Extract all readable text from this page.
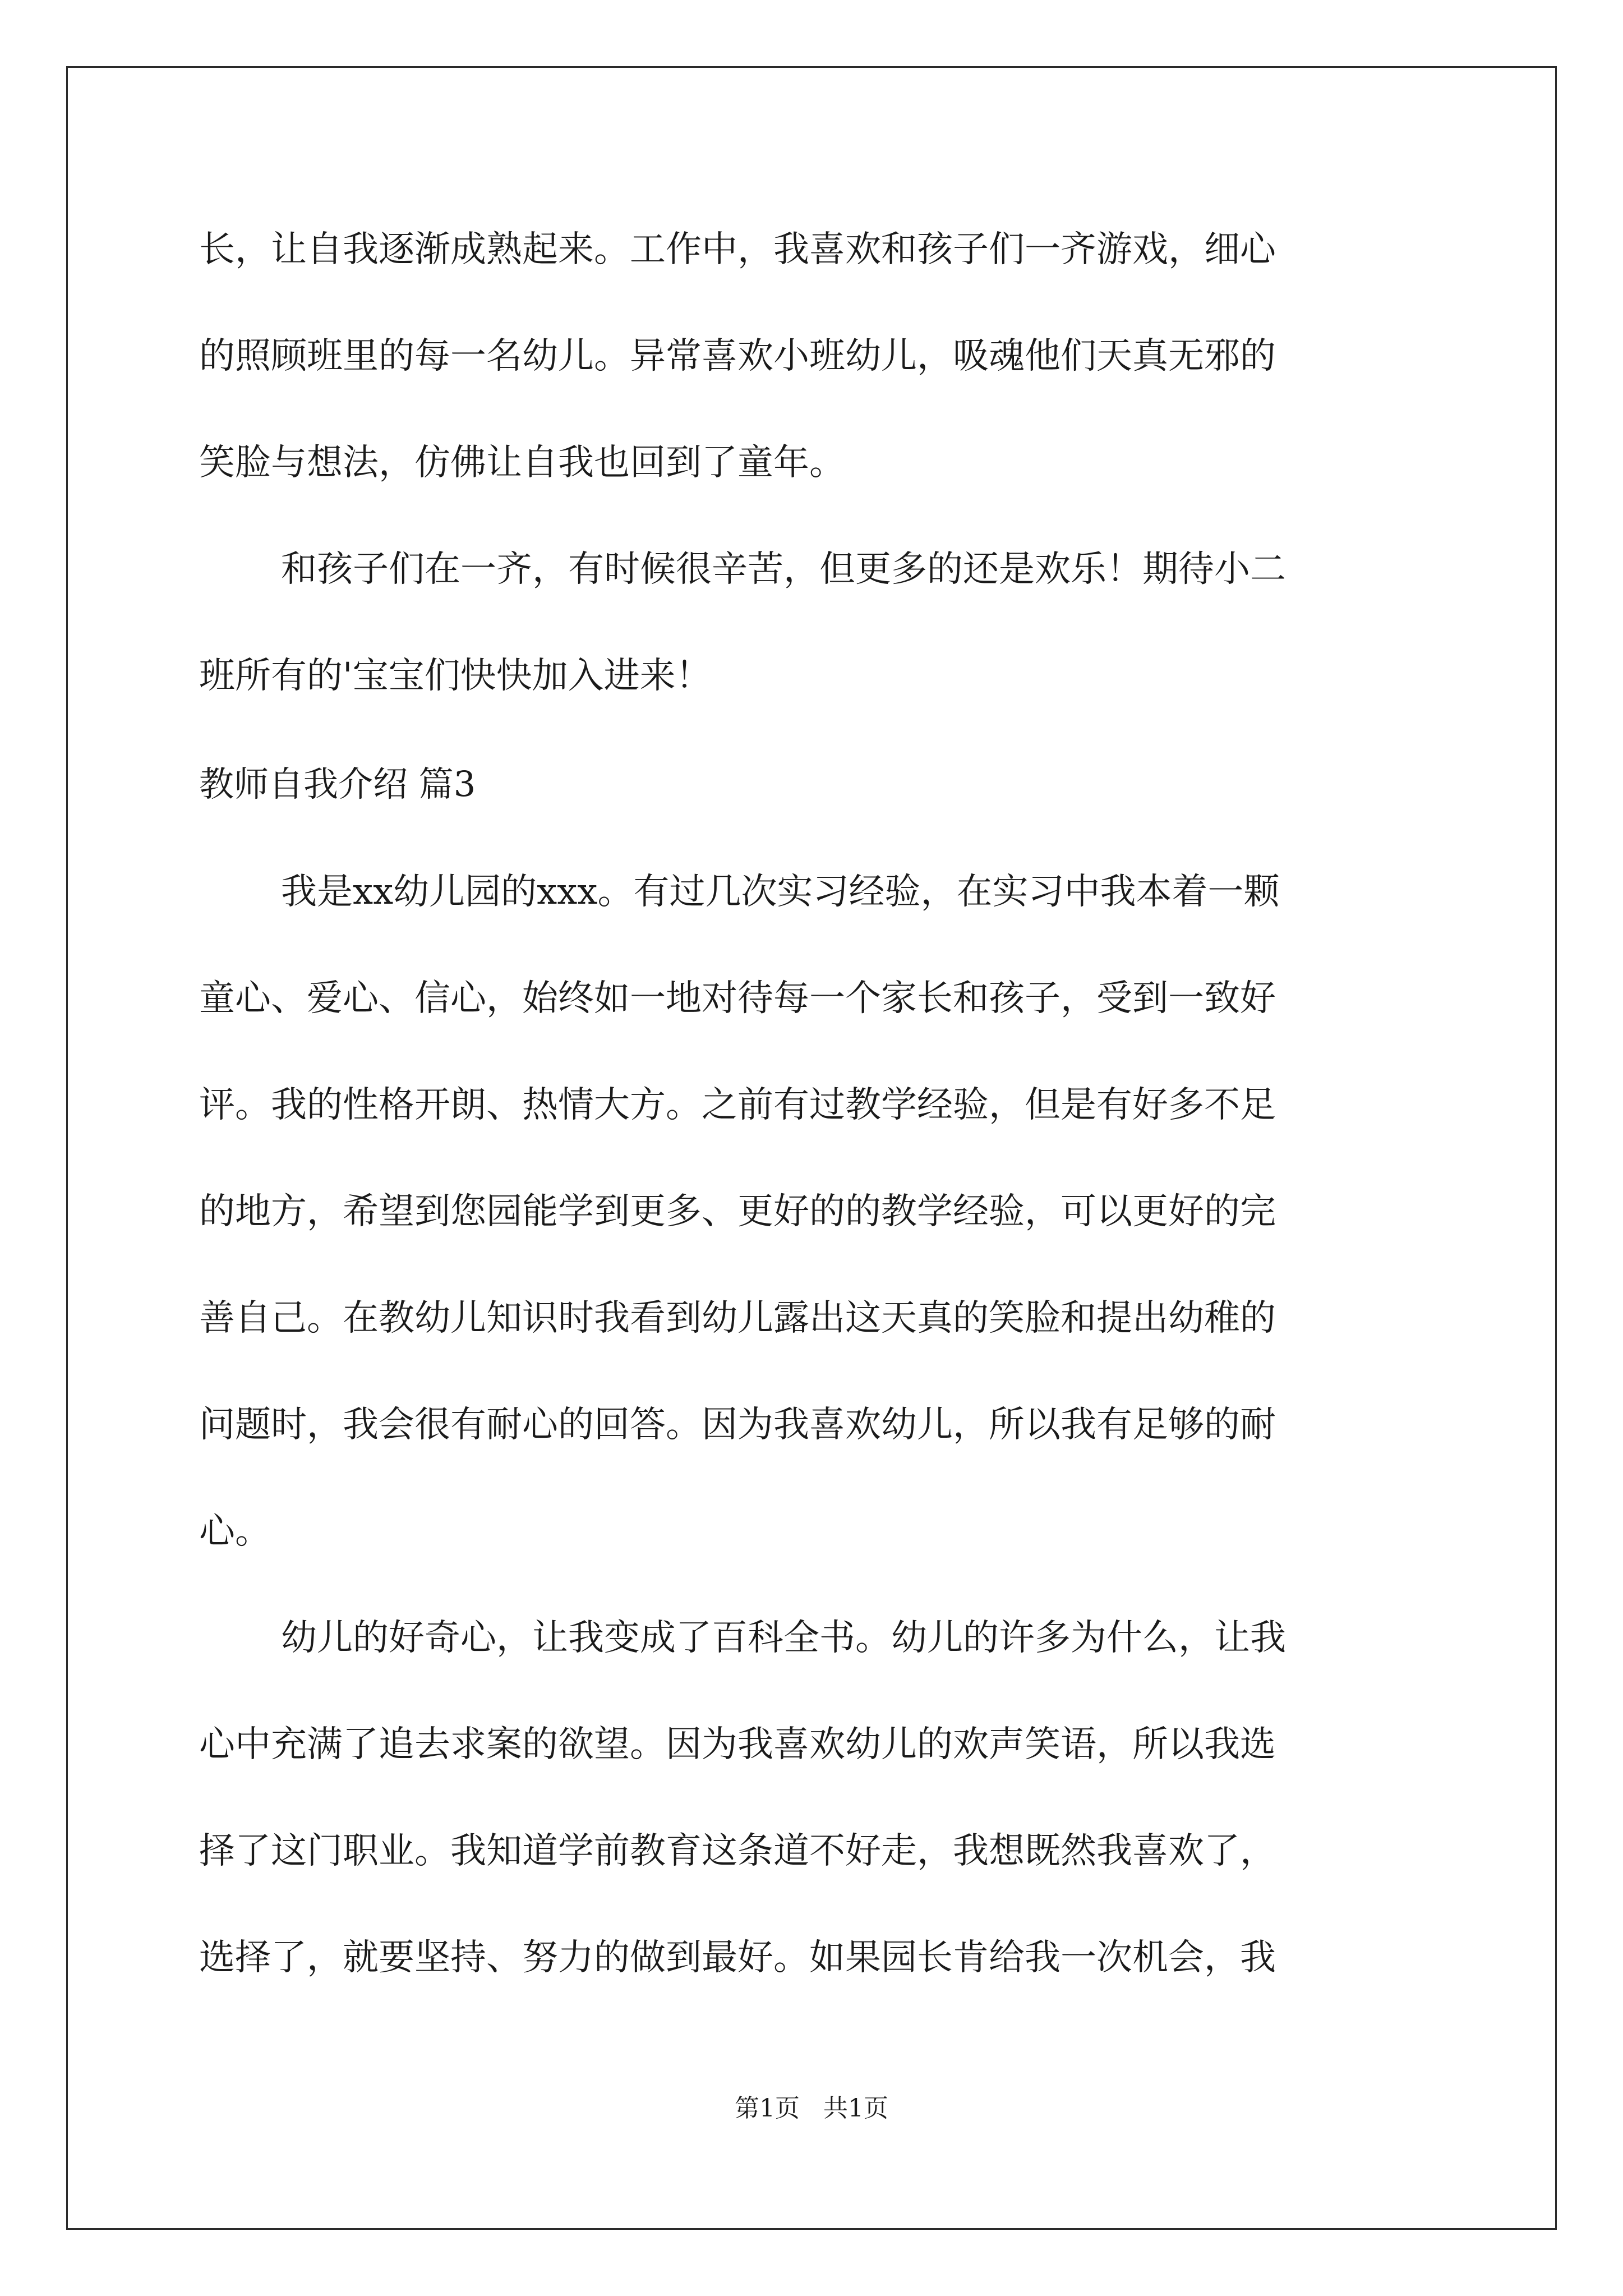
长，让自我逐渐成熟起来。工作中，我喜欢和孩子们一齐游戏，细心
的照顾班里的每一名幼儿。异常喜欢小班幼儿，吸魂他们天真无邪的
笑脸与想法，仿佛让自我也回到了童年。
和孩子们在一齐，有时候很辛苦，但更多的还是欢乐！期待小二
班所有的'宝宝们快快加入进来！
教师自我介绍 篇3
我是xx幼儿园的xxx。有过几次实习经验，在实习中我本着一颗
童心、爱心、信心，始终如一地对待每一个家长和孩子，受到一致好
评。我的性格开朗、热情大方。之前有过教学经验，但是有好多不足
的地方，希望到您园能学到更多、更好的的教学经验，可以更好的完
善自己。在教幼儿知识时我看到幼儿露出这天真的笑脸和提出幼稚的
问题时，我会很有耐心的回答。因为我喜欢幼儿，所以我有足够的耐
心。
幼儿的好奇心，让我变成了百科全书。幼儿的许多为什么，让我
心中充满了追去求案的欲望。因为我喜欢幼儿的欢声笑语，所以我选
择了这门职业。我知道学前教育这条道不好走，我想既然我喜欢了，
选择了，就要坚持、努力的做到最好。如果园长肯给我一次机会，我
第1页   共1页
